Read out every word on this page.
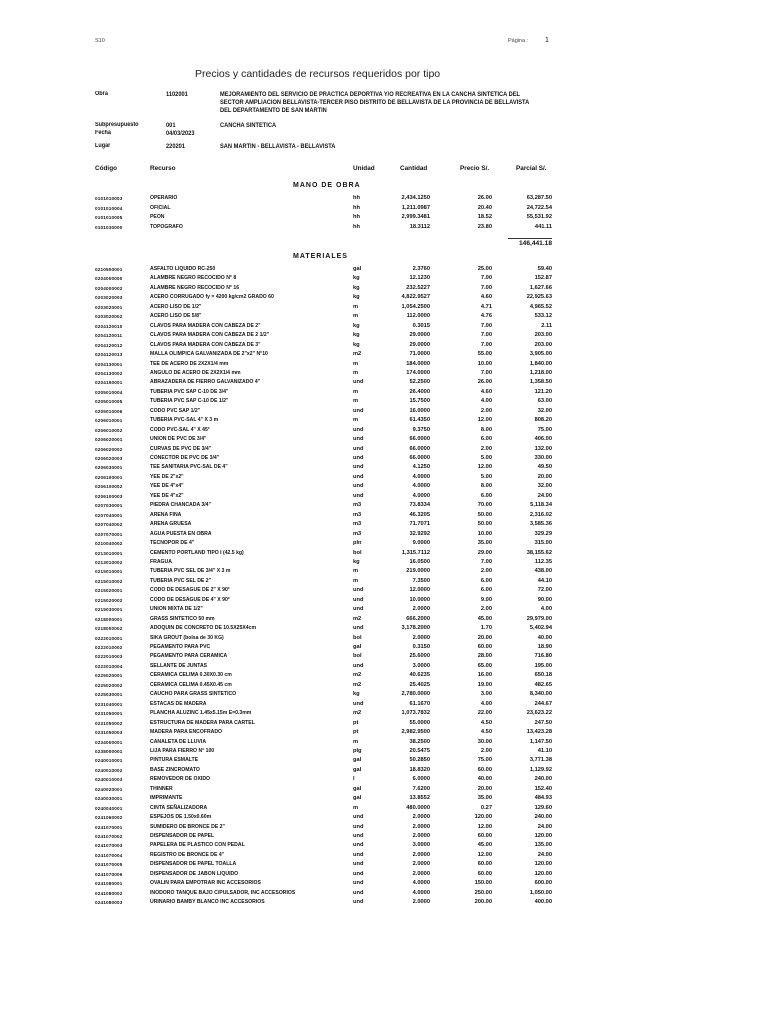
S10	Página : 1
Precios y cantidades de recursos requeridos por tipo
Obra	1102001	MEJORAMIENTO DEL SERVICIO DE PRÁCTICA DEPORTIVA Y/O RECREATIVA EN LA CANCHA SINTETICA DEL
SECTOR AMPLIACION BELLAVISTA-TERCER PISO DISTRITO DE BELLAVISTA DE LA PROVINCIA DE BELLAVISTA
DEL DEPARTAMENTO DE SAN MARTIN
Subpresupuesto	001	CANCHA SINTETICA
Fecha	04/03/2023
Lugar	220201	SAN MARTIN - BELLAVISTA - BELLAVISTA
Código	Recurso	Unidad	Cantidad	Precio S/.	Parcial S/.
MANO DE OBRA
0101010003	OPERARIO	hh	2,434.1250	26.00	63,287.50
0101010004	OFICIAL	hh	1,211.0987	20.40	24,722.54
0101010005	PEON	hh	2,999.3481	18.52	55,531.92
0101030000	TOPOGRAFO	hh	18.3112	23.80	441.11
146,441.18
MATERIALES
0210500001	ASFALTO LIQUIDO RC-250	gal	2.3760	25.00	59.40
0204000000	ALAMBRE NEGRO RECOCIDO N° 8	kg	12.1230	7.00	152.87
0204000002	ALAMBRE NEGRO RECOCIDO N° 16	kg	232.5227	7.00	1,627.66
0203020003	ACERO CORRUGADO fy = 4200 kg/cm2 GRADO 60	kg	4,822.9527	4.60	22,925.63
0203020001	ACERO LISO DE 1/2"	m	1,054.2500	4.71	4,965.52
0203020002	ACERO LISO DE 5/8"	m	112.0000	4.76	533.12
0204120010	CLAVOS PARA MADERA CON CABEZA DE 2"	kg	0.3015	7.00	2.11
0204120011	CLAVOS PARA MADERA CON CABEZA DE 2 1/2"	kg	29.0000	7.00	203.00
0204120012	CLAVOS PARA MADERA CON CABEZA DE 3"	kg	29.0000	7.00	203.00
0204120013	MALLA OLIMPICA GALVANIZADA DE 2"x2" N°10	m2	71.0000	55.00	3,905.00
0204130001	TEE DE ACERO DE 2X2X1/4 mm	m	184.0000	10.00	1,840.00
0204130002	ANGULO DE ACERO DE 2X2X1/4 mm	m	174.0000	7.00	1,218.00
0204150001	ABRAZADERA DE FIERRO GALVANIZADO 4"	und	52.2500	26.00	1,358.50
0205010004	TUBERIA PVC SAP C-10 DE 3/4"	m	26.4000	4.60	121.20
0205010005	TUBERIA PVC SAP C-10 DE 1/2"	m	15.7500	4.00	63.00
0205010006	CODO PVC SAP 1/2"	und	16.0000	2.00	32.00
0206010001	TUBERIA PVC-SAL 4" X 3 m	m	61.4350	12.00	808.20
0206010002	CODO PVC-SAL 4" X 45°	und	9.3750	8.00	75.00
0206020001	UNION DE PVC DE 3/4"	und	66.0000	6.00	406.00
0206020002	CURVAS DE PVC DE 3/4"	und	66.0000	2.00	132.00
0206020003	CONECTOR DE PVC DE 3/4"	und	66.0000	5.00	330.00
0206030001	TEE SANITARIA PVC-SAL DE 4"	und	4.1250	12.00	49.50
0206100001	YEE DE 2"x2"	und	4.0000	5.00	20.00
0206100002	YEE DE 4"x4"	und	4.0000	8.00	32.00
0206100003	YEE DE 4"x2"	und	4.0000	6.00	24.00
0207030001	PIEDRA CHANCADA 3/4"	m3	73.8334	70.00	5,118.34
0207040001	ARENA FINA	m3	46.3205	50.00	2,316.02
0207040002	ARENA GRUESA	m3	71.7071	50.00	3,585.36
0207070001	AGUA PUESTA EN OBRA	m3	32.9292	10.00	329.29
0210040002	TECNOPOR DE 4"	pln	9.0000	35.00	315.00
0213010001	CEMENTO PORTLAND TIPO I (42.5 kg)	bol	1,315.7112	29.00	38,155.62
0213010002	FRAGUA	kg	16.0500	7.00	112.35
0215010001	TUBERIA PVC SEL DE 3/4" X 3 m	m	219.0000	2.00	438.00
0215010002	TUBERIA PVC SEL DE 2"	m	7.3500	6.00	44.10
0215020001	CODO DE DESAGUE DE 2" X 90°	und	12.0000	6.00	72.00
0215020002	CODO DE DESAGUE DE 4" X 90°	und	10.0000	9.00	90.00
0215030001	UNION MIXTA DE 1/2"	und	2.0000	2.00	4.00
0218000001	GRASS SINTETICO 50 mm	m2	666.2000	45.00	29,979.00
0218000002	ADOQUIN DE CONCRETO DE 10.5X25X4cm	und	3,178.2000	1.70	5,402.94
0222010001	SIKA GROUT (bolsa de 30 KG)	bol	2.0000	20.00	40.00
0222010002	PEGAMENTO PARA PVC	gal	0.3150	60.00	18.90
0222010003	PEGAMENTO PARA CERAMICA	bol	25.6000	28.00	716.80
0222010004	SELLANTE DE JUNTAS	und	3.0000	65.00	195.00
0225020001	CERAMICA CELIMA 0.30X0.30 cm	m2	40.6235	16.00	650.18
0225020002	CERAMICA CELIMA 0.45X0.45 cm	m2	25.4025	19.00	482.65
0225030001	CAUCHO PARA GRASS SINTETICO	kg	2,780.0000	3.00	8,340.00
0231040001	ESTACAS DE MADERA	und	61.1670	4.00	244.67
0231050001	PLANCHA ALUZINC 1.45x5.15m E=0.3mm	m2	1,073.7832	22.00	23,623.22
0231050002	ESTRUCTURA DE MADERA PARA CARTEL	pt	55.0000	4.50	247.50
0231050003	MADERA PARA ENCOFRADO	pt	2,982.9500	4.50	13,423.28
0234000001	CANALETA DE LLUVIA	m	38.2500	30.00	1,147.50
0238000001	LIJA PARA FIERRO N° 100	plg	20.5475	2.00	41.10
0240010001	PINTURA ESMALTE	gal	50.2850	75.00	3,771.38
0240010002	BASE ZINCROMATO	gal	18.8320	60.00	1,129.92
0240010003	REMOVEDOR DE OXIDO	l	6.0000	40.00	240.00
0240020001	THINNER	gal	7.6200	20.00	152.40
0240030001	IMPRIMANTE	gal	13.8552	35.00	484.93
0240040001	CINTA SEÑALIZADORA	m	480.0000	0.27	129.60
0241060002	ESPEJOS DE 1.50x0.60m	und	2.0000	120.00	240.00
0241070001	SUMIDERO DE BRONCE DE 2"	und	2.0000	12.00	24.00
0241070002	DISPENSADOR DE PAPEL	und	2.0000	60.00	120.00
0241070003	PAPELERA DE PLASTICO CON PEDAL	und	3.0000	45.00	135.00
0241070004	REGISTRO DE BRONCE DE 4"	und	2.0000	12.00	24.00
0241070005	DISPENSADOR DE PAPEL TOALLA	und	2.0000	60.00	120.00
0241070006	DISPENSADOR DE JABON LIQUIDO	und	2.0000	60.00	120.00
0241080001	OVALIN PARA EMPOTRAR INC ACCESORIOS	und	4.0000	150.00	600.00
0241080002	INODORO TANQUE BAJO C/PULSADOR, INC ACCESORIOS	und	4.0000	250.00	1,050.00
0241080003	URINARIO BAMBY BLANCO INC ACCESORIOS	und	2.0000	200.00	400.00
